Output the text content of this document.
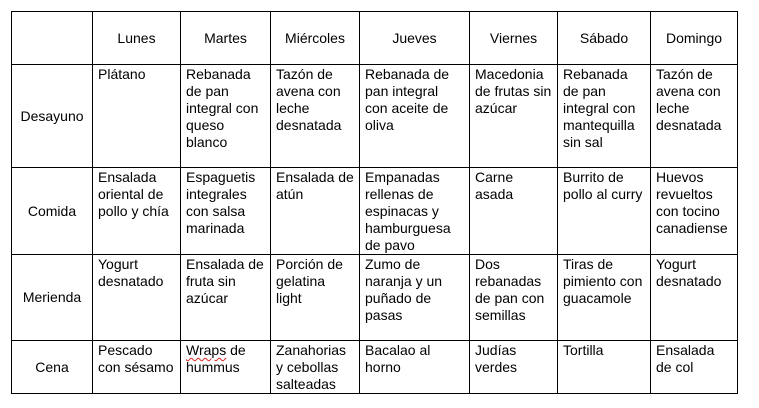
	Lunes	Martes	Miércoles	Jueves	Viernes	Sábado	Domingo
Desayuno	Plátano	Rebanada de pan integral con queso blanco	Tazón de avena con leche desnatada	Rebanada de pan integral con aceite de oliva	Macedonia de frutas sin azúcar	Rebanada de pan integral con mantequilla sin sal	Tazón de avena con leche desnatada

Comida	Ensalada oriental de pollo y chía	Espaguetis integrales con salsa marinada	Ensalada de atún	Empanadas rellenas de espinacas y hamburguesa de pavo	Carne asada	Burrito de pollo al curry	Huevos revueltos con tocino canadiense

Merienda	Yogurt desnatado	Ensalada de fruta sin azúcar	Porción de gelatina light	Zumo de naranja y un puñado de pasas	Dos rebanadas de pan con semillas	Tiras de pimiento con guacamole	Yogurt desnatado

Cena	Pescado con sésamo	Wraps de hummus	Zanahorias y cebollas salteadas	Bacalao al horno	Judías verdes	Tortilla	Ensalada de col
